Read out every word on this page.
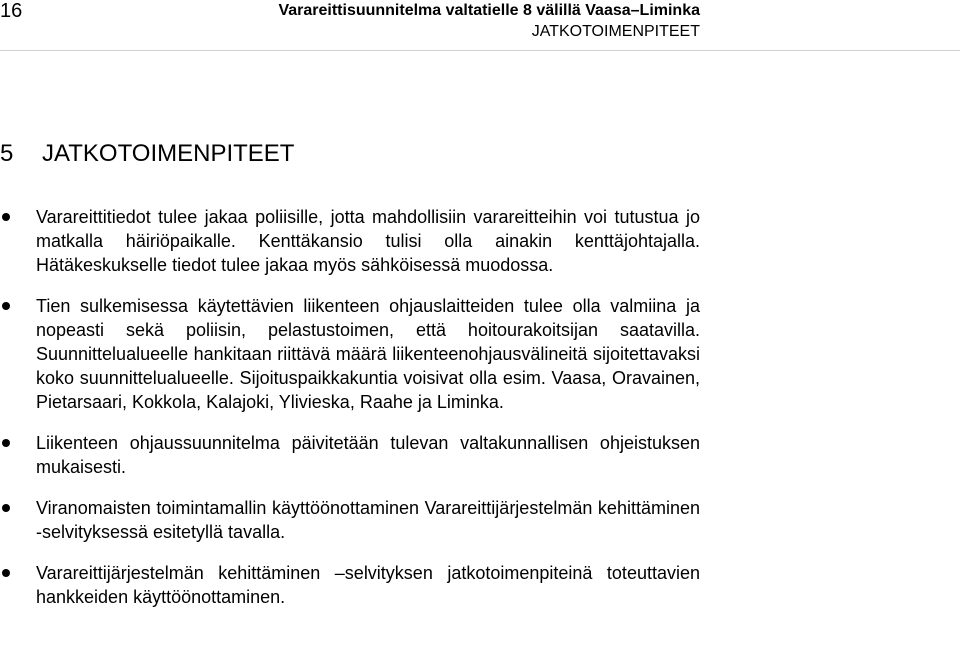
16	Varareittisuunnitelma valtatielle 8 välillä Vaasa–Liminka
JATKOTOIMENPITEET
5 JATKOTOIMENPITEET
Varareittitiedot tulee jakaa poliisille, jotta mahdollisiin varareitteihin voi tutustua jo matkalla häiriöpaikalle. Kenttäkansio tulisi olla ainakin kenttäjohtajalla. Hätäkeskukselle tiedot tulee jakaa myös sähköisessä muodossa.
Tien sulkemisessa käytettävien liikenteen ohjauslaitteiden tulee olla valmiina ja nopeasti sekä poliisin, pelastustoimen, että hoitourakoitsijan saatavilla. Suunnittelualueelle hankitaan riittävä määrä liikenteenohjausvälineitä sijoitettavaksi koko suunnittelualueelle. Sijoituspaikkakuntia voisivat olla esim. Vaasa, Oravainen, Pietarsaari, Kokkola, Kalajoki, Ylivieska, Raahe ja Liminka.
Liikenteen ohjaussuunnitelma päivitetään tulevan valtakunnallisen ohjeistuksen mukaisesti.
Viranomaisten toimintamallin käyttöönottaminen Varareittijärjestelmän kehittäminen -selvityksessä esitetyllä tavalla.
Varareittijärjestelmän kehittäminen –selvityksen jatkotoimenpiteinä toteuttavien hankkeiden käyttöönottaminen.
